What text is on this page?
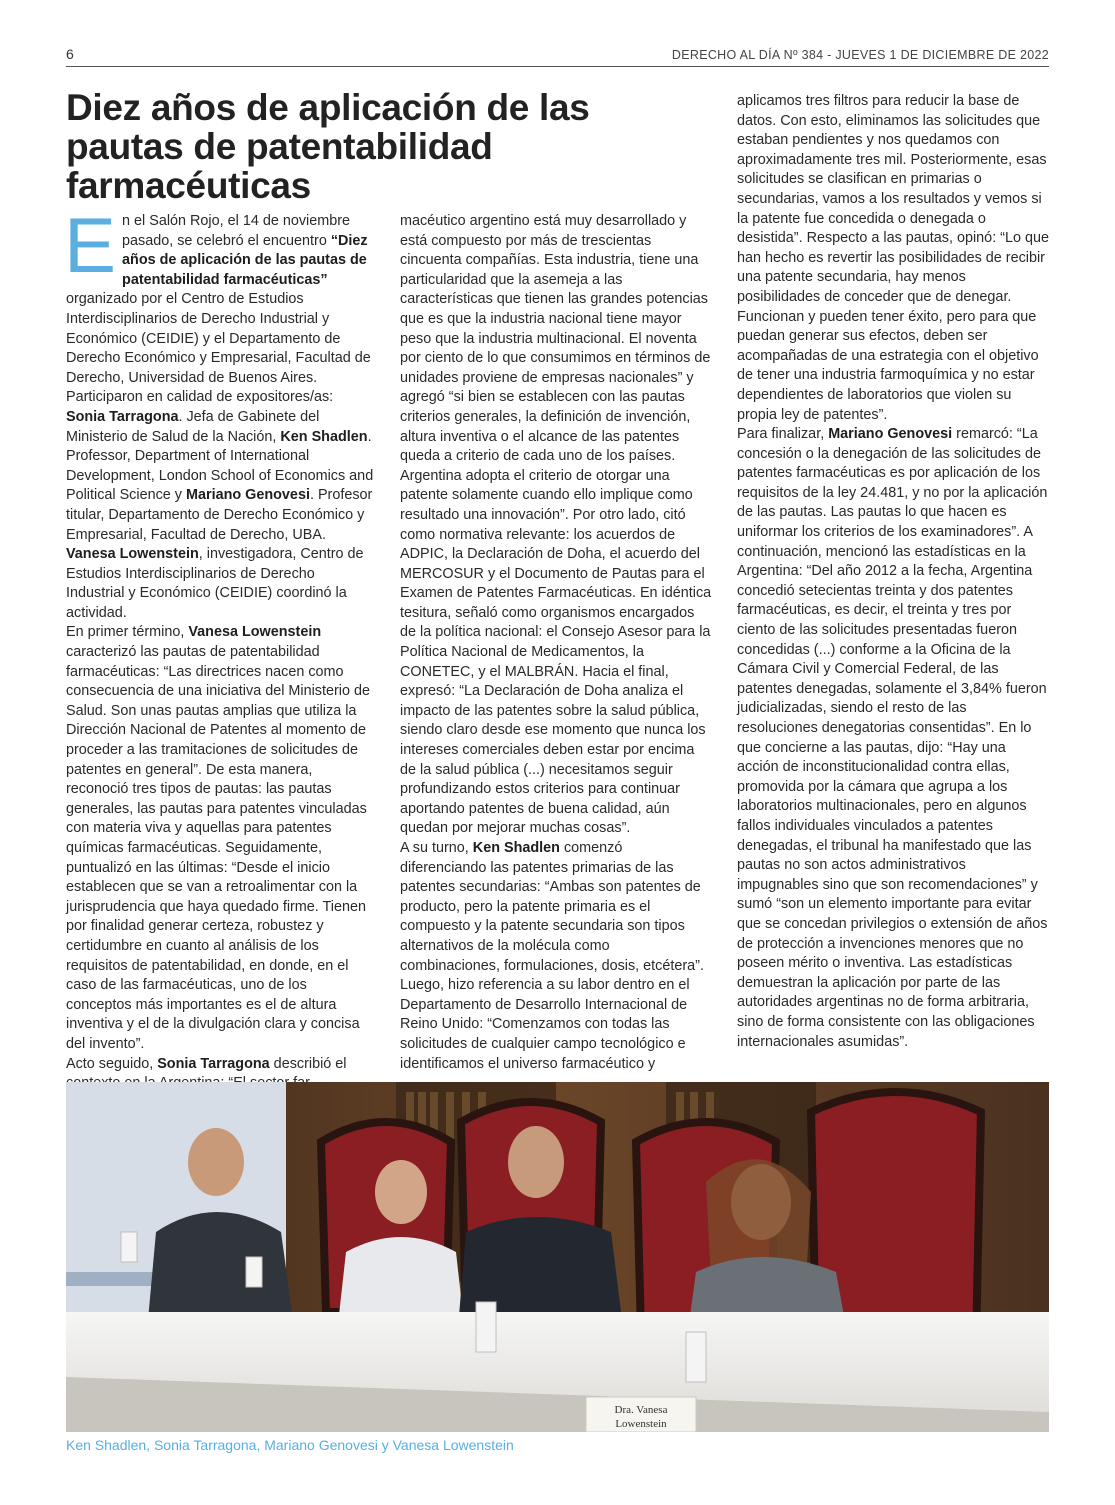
6	DERECHO AL DÍA Nº 384 - JUEVES 1 DE DICIEMBRE DE 2022
Diez años de aplicación de las pautas de patentabilidad farmacéuticas

En el Salón Rojo, el 14 de noviembre pasado, se celebró el encuentro “Diez años de aplicación de las pautas de patentabilidad farmacéuticas” organizado por el Centro de Estudios Interdisciplinarios de Derecho Industrial y Económico (CEIDIE) y el Departamento de Derecho Económico y Empresarial, Facultad de Derecho, Universidad de Buenos Aires. Participaron en calidad de expositores/as: Sonia Tarragona. Jefa de Gabinete del Ministerio de Salud de la Nación, Ken Shadlen. Professor, Department of International Development, London School of Economics and Political Science y Mariano Genovesi. Profesor titular, Departamento de Derecho Económico y Empresarial, Facultad de Derecho, UBA. Vanesa Lowenstein, investigadora, Centro de Estudios Interdisciplinarios de Derecho Industrial y Económico (CEIDIE) coordinó la actividad.

En primer término, Vanesa Lowenstein caracterizó las pautas de patentabilidad farmacéuticas: “Las directrices nacen como consecuencia de una iniciativa del Ministerio de Salud. Son unas pautas amplias que utiliza la Dirección Nacional de Patentes al momento de proceder a las tramitaciones de solicitudes de patentes en general”. De esta manera, reconoció tres tipos de pautas: las pautas generales, las pautas para patentes vinculadas con materia viva y aquellas para patentes químicas farmacéuticas. Seguidamente, puntualizó en las últimas: “Desde el inicio establecen que se van a retroalimentar con la jurisprudencia que haya quedado firme. Tienen por finalidad generar certeza, robustez y certidumbre en cuanto al análisis de los requisitos de patentabilidad, en donde, en el caso de las farmacéuticas, uno de los conceptos más importantes es el de altura inventiva y el de la divulgación clara y concisa del invento”.

Acto seguido, Sonia Tarragona describió el

macéutico argentino está muy desarrollado y está compuesto por más de trescientas cincuenta compañías. Esta industria, tiene una particularidad que la asemeja a las características que tienen las grandes potencias que es que la industria nacional tiene mayor peso que la industria multinacional. El noventa por ciento de lo que consumimos en términos de unidades proviene de empresas nacionales” y agregó “si bien se establecen con las pautas criterios generales, la definición de invención, altura inventiva o el alcance de las patentes queda a criterio de cada uno de los países. Argentina adopta el criterio de otorgar una patente solamente cuando ello implique como resultado una innovación”. Por otro lado, citó como normativa relevante: los acuerdos de ADPIC, la Declaración de Doha, el acuerdo del MERCOSUR y el Documento de Pautas para el Examen de Patentes Farmacéuticas. En idéntica tesitura, señaló como organismos encargados de la política nacional: el Consejo Asesor para la Política Nacional de Medicamentos, la CONETEC, y el MALBRÁN. Hacia el final, expresó: “La Declaración de Doha analiza el impacto de las patentes sobre la salud pública, siendo claro desde ese momento que nunca los intereses comerciales deben estar por encima de la salud pública (...) necesitamos seguir profundizando estos criterios para continuar aportando patentes de buena calidad, aún quedan por mejorar muchas cosas”.

A su turno, Ken Shadlen comenzó diferenciando las patentes primarias de las patentes secundarias: “Ambas son patentes de producto, pero la patente primaria es el compuesto y la patente secundaria son tipos alternativos de la molécula como combinaciones, formulaciones, dosis, etcétera”. Luego, hizo referencia a su labor dentro en el Departamento de Desarrollo Internacional de Reino Unido: “Comenzamos con todas las solicitudes de cualquier campo tecnológico e identificamos el universo farmacéutico y

aplicamos tres filtros para reducir la base de datos. Con esto, eliminamos las solicitudes que estaban pendientes y nos quedamos con aproximadamente tres mil. Posteriormente, esas solicitudes se clasifican en primarias o secundarias, vamos a los resultados y vemos si la patente fue concedida o denegada o desistida”. Respecto a las pautas, opinó: “Lo que han hecho es revertir las posibilidades de recibir una patente secundaria, hay menos posibilidades de conceder que de denegar. Funcionan y pueden tener éxito, pero para que puedan generar sus efectos, deben ser acompañadas de una estrategia con el objetivo de tener una industria farmoquímica y no estar dependientes de laboratorios que violen su propia ley de patentes”.

Para finalizar, Mariano Genovesi remarcó: “La concesión o la denegación de las solicitudes de patentes farmacéuticas es por aplicación de los requisitos de la ley 24.481, y no por la aplicación de las pautas. Las pautas lo que hacen es uniformar los criterios de los examinadores”. A continuación, mencionó las estadísticas en la Argentina: “Del año 2012 a la fecha, Argentina concedió setecientas treinta y dos patentes farmacéuticas, es decir, el treinta y tres por ciento de las solicitudes presentadas fueron concedidas (...) conforme a la Oficina de la Cámara Civil y Comercial Federal, de las patentes denegadas, solamente el 3,84% fueron judicializadas, siendo el resto de las resoluciones denegatorias consentidas”. En lo que concierne a las pautas, dijo: “Hay una acción de inconstitucionalidad contra ellas, promovida por la cámara que agrupa a los laboratorios multinacionales, pero en algunos fallos individuales vinculados a patentes denegadas, el tribunal ha manifestado que las pautas no son actos administrativos impugnables sino que son recomendaciones” y sumó “son un elemento importante para evitar que se concedan privilegios o extensión de años de protección a invenciones menores que no poseen mérito o inventiva. Las estadísticas demuestran la aplicación por parte de las autoridades argentinas no de forma arbitraria, sino de forma consistente con las obligaciones internacionales asumidas”.

Dra. Vanesa
Lowenstein
Ken Shadlen, Sonia Tarragona, Mariano Genovesi y Vanesa Lowenstein
